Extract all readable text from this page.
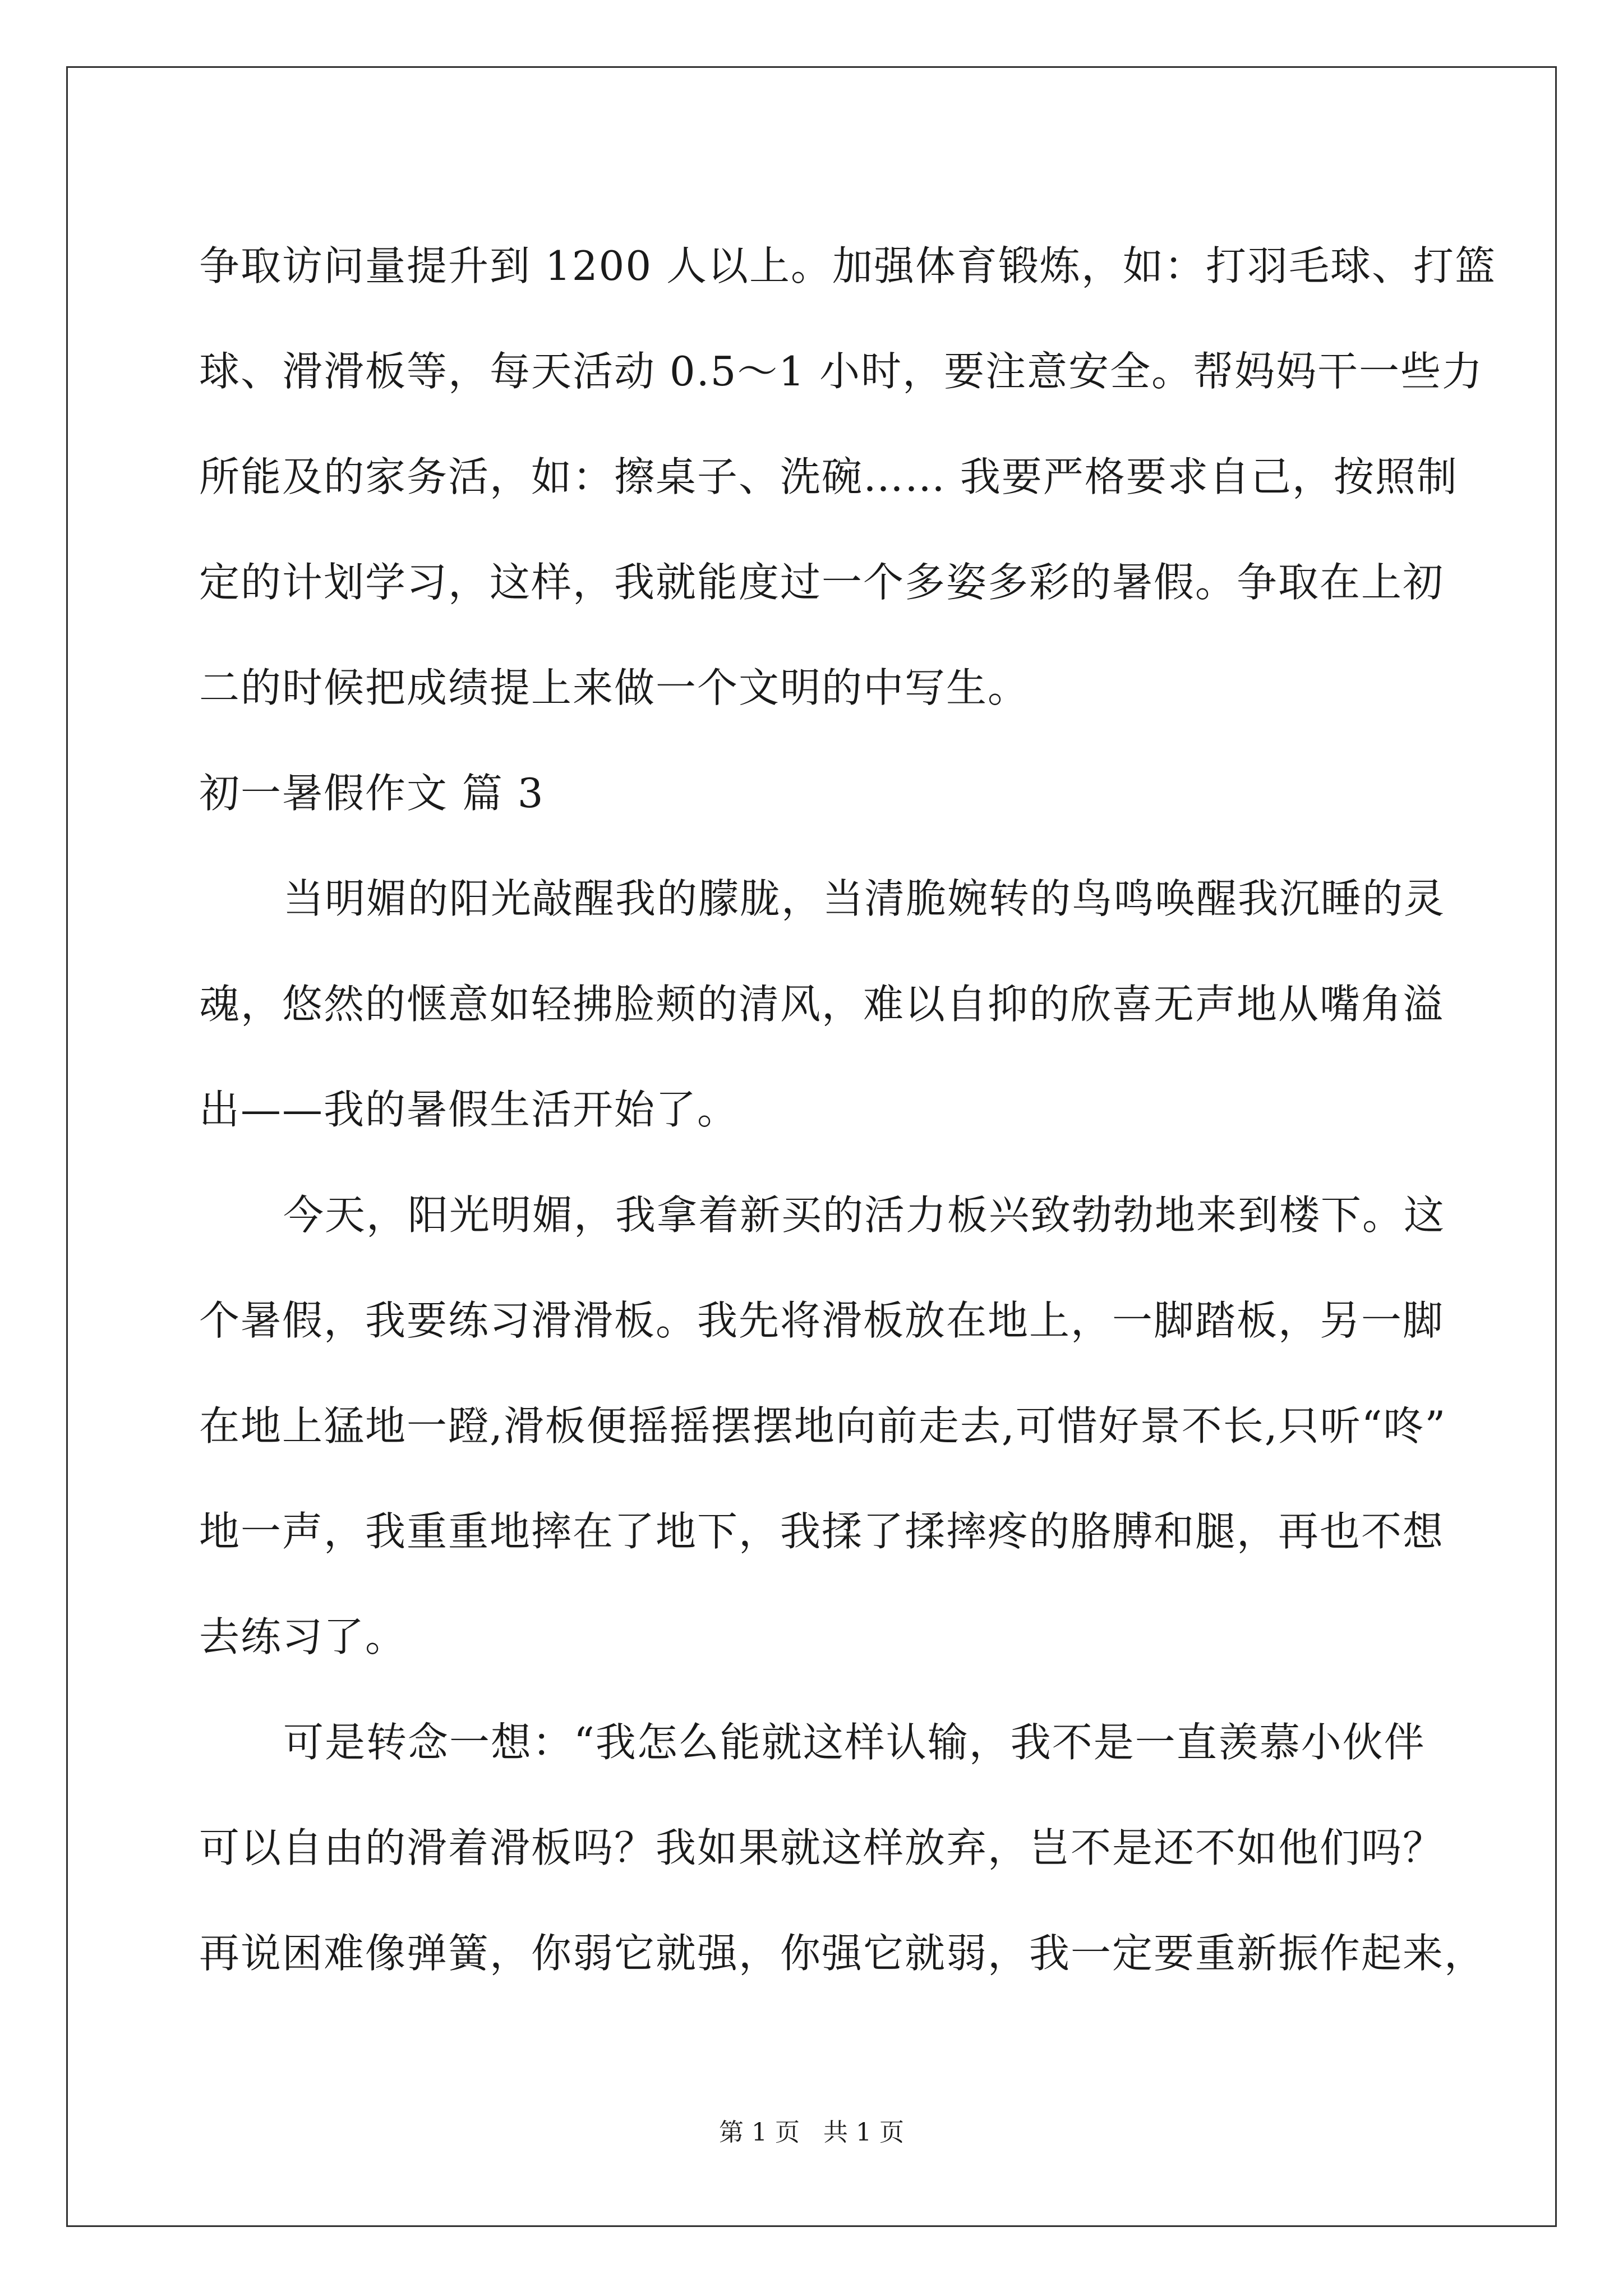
争取访问量提升到 1200 人以上。加强体育锻炼，如：打羽毛球、打篮
球、滑滑板等，每天活动 0.5～1 小时，要注意安全。帮妈妈干一些力
所能及的家务活，如：擦桌子、洗碗…… 我要严格要求自己，按照制
定的计划学习，这样，我就能度过一个多姿多彩的暑假。争取在上初
二的时候把成绩提上来做一个文明的中写生。
初一暑假作文 篇 3
当明媚的阳光敲醒我的朦胧，当清脆婉转的鸟鸣唤醒我沉睡的灵
魂，悠然的惬意如轻拂脸颊的清风，难以自抑的欣喜无声地从嘴角溢
出——我的暑假生活开始了。
今天，阳光明媚，我拿着新买的活力板兴致勃勃地来到楼下。这
个暑假，我要练习滑滑板。我先将滑板放在地上，一脚踏板，另一脚
在地上猛地一蹬,滑板便摇摇摆摆地向前走去,可惜好景不长,只听“咚”
地一声，我重重地摔在了地下，我揉了揉摔疼的胳膊和腿，再也不想
去练习了。
可是转念一想：“我怎么能就这样认输，我不是一直羡慕小伙伴
可以自由的滑着滑板吗？我如果就这样放弃，岂不是还不如他们吗？
再说困难像弹簧，你弱它就强，你强它就弱，我一定要重新振作起来，
第 1 页 共 1 页
